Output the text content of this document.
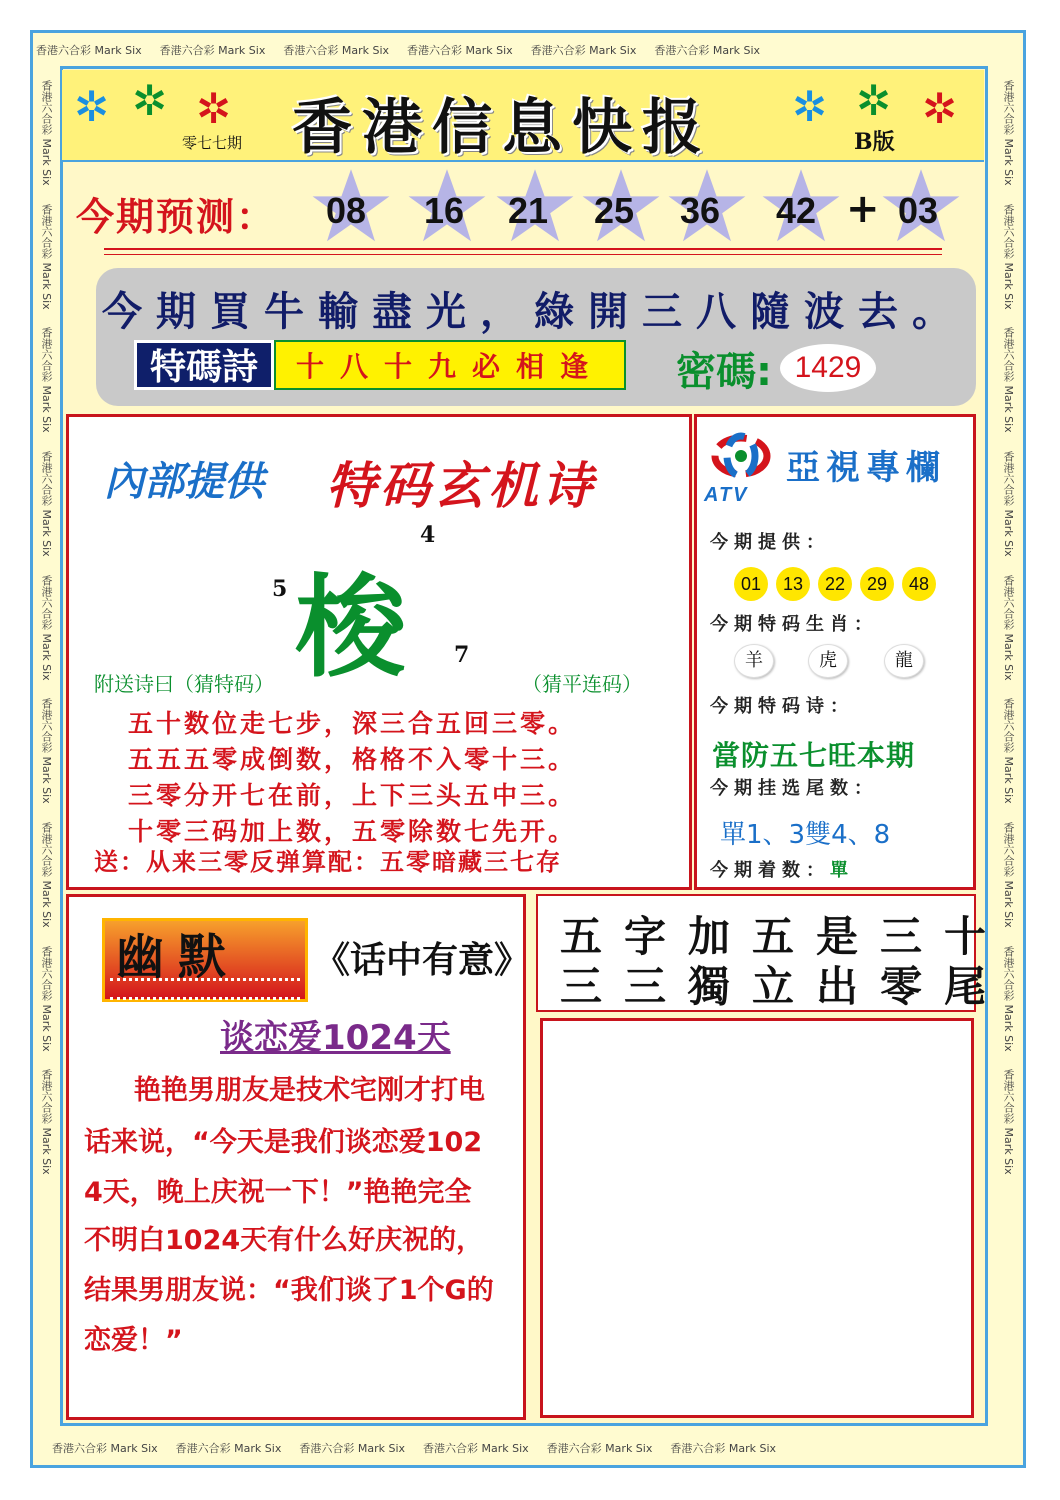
香港六合彩 Mark Six 香港六合彩 Mark Six 香港六合彩 Mark Six 香港六合彩 Mark Six 香港六合彩 Mark Six 香港六合彩 Mark Six
香港六合彩 Mark Six 香港六合彩 Mark Six 香港六合彩 Mark Six 香港六合彩 Mark Six 香港六合彩 Mark Six 香港六合彩 Mark Six
香港六合彩 Mark Six
香港六合彩 Mark Six
香港六合彩 Mark Six
香港六合彩 Mark Six
香港六合彩 Mark Six
香港六合彩 Mark Six
香港六合彩 Mark Six
香港六合彩 Mark Six
香港六合彩 Mark Six
香港六合彩 Mark Six
香港六合彩 Mark Six
香港六合彩 Mark Six
香港六合彩 Mark Six
香港六合彩 Mark Six
香港六合彩 Mark Six
香港六合彩 Mark Six
香港六合彩 Mark Six
香港六合彩 Mark Six
✲ ✲ ✲	✲ ✲ ✲
香港信息快报
零七七期	B版
今期预测： 08 16 21 25 36 42 + 03
今期買牛輸盡光，綠開三八隨波去。
特碼詩	十八十九必相逢	密碼: 1429
內部提供 特码玄机诗
梭
4
5
7
附送诗曰（猜特码）	（猜平连码）
五十数位走七步，深三合五回三零。
五五五零成倒数，格格不入零十三。
三零分开七在前，上下三头五中三。
十零三码加上数，五零除数七先开。
送：从来三零反弹算配：五零暗藏三七存
ATV
亞視專欄
今期提供：
01	13	22	29	48
今期特码生肖：
羊	虎	龍
今期特码诗：
當防五七旺本期
今期挂选尾数：
單1、3雙4、8
今期着数：單
幽默 《话中有意》
谈恋爱1024天
艳艳男朋友是技术宅刚才打电
话来说，“今天是我们谈恋爱102
4天，晚上庆祝一下！”艳艳完全
不明白1024天有什么好庆祝的，
结果男朋友说：“我们谈了1个G的
恋爱！”
五字加五是三十
三三獨立出零尾
